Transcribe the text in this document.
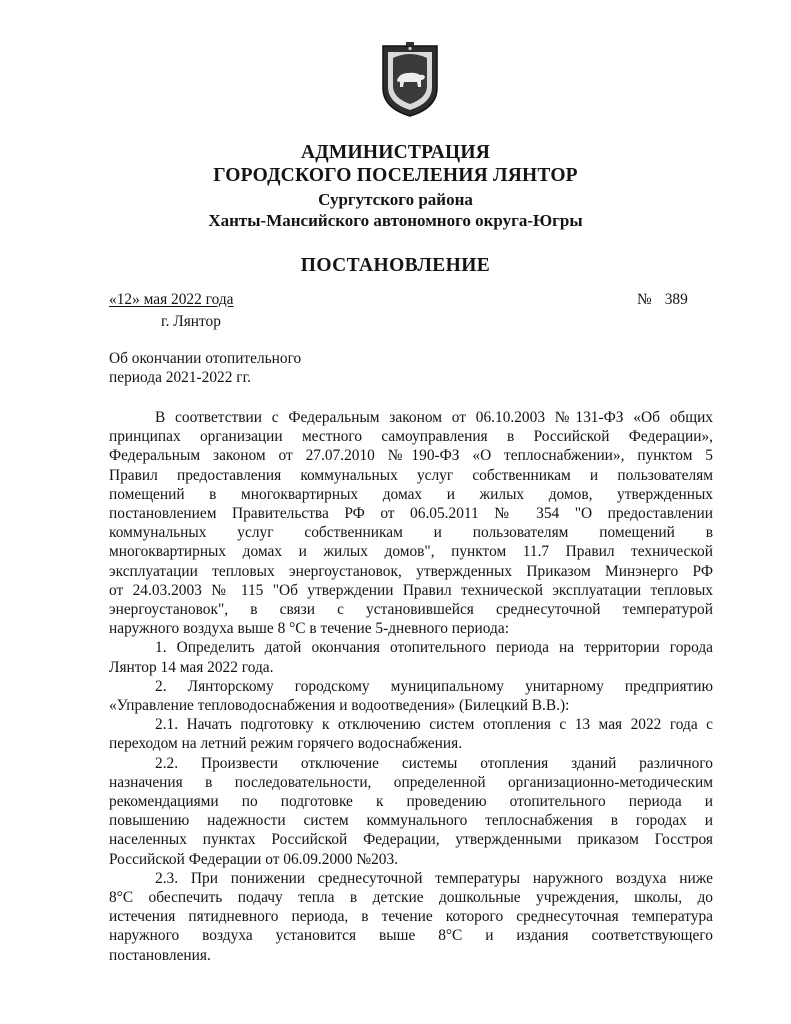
АДМИНИСТРАЦИЯ
ГОРОДСКОГО ПОСЕЛЕНИЯ ЛЯНТОР
Сургутского района
Ханты-Мансийского автономного округа-Югры
ПОСТАНОВЛЕНИЕ
«12» мая 2022 года	№ 389
г. Лянтор
Об окончании отопительного
периода 2021-2022 гг.

В соответствии с Федеральным законом от 06.10.2003 №131-ФЗ «Об общих

принципах организации местного самоуправления в Российской Федерации»,

Федеральным законом от 27.07.2010 №190-ФЗ «О теплоснабжении», пунктом 5

Правил предоставления коммунальных услуг собственникам и пользователям

помещений в многоквартирных домах и жилых домов, утвержденных

постановлением Правительства РФ от 06.05.2011 № 354 "О предоставлении

коммунальных услуг собственникам и пользователям помещений в

многоквартирных домах и жилых домов", пунктом 11.7 Правил технической

эксплуатации тепловых энергоустановок, утвержденных Приказом Минэнерго РФ

от 24.03.2003 № 115 "Об утверждении Правил технической эксплуатации тепловых

энергоустановок", в связи с установившейся среднесуточной температурой

наружного воздуха выше 8 °С в течение 5-дневного периода:

1. Определить датой окончания отопительного периода на территории города

Лянтор 14 мая 2022 года.

2. Лянторскому городскому муниципальному унитарному предприятию

«Управление тепловодоснабжения и водоотведения» (Билецкий В.В.):

2.1. Начать подготовку к отключению систем отопления с 13 мая 2022 года с

переходом на летний режим горячего водоснабжения.

2.2. Произвести отключение системы отопления зданий различного

назначения в последовательности, определенной организационно-методическим

рекомендациями по подготовке к проведению отопительного периода и

повышению надежности систем коммунального теплоснабжения в городах и

населенных пунктах Российской Федерации, утвержденными приказом Госстроя

Российской Федерации от 06.09.2000 №203.

2.3. При понижении среднесуточной температуры наружного воздуха ниже

8°С обеспечить подачу тепла в детские дошкольные учреждения, школы, до

истечения пятидневного периода, в течение которого среднесуточная температура

наружного воздуха установится выше 8°С и издания соответствующего

постановления.
